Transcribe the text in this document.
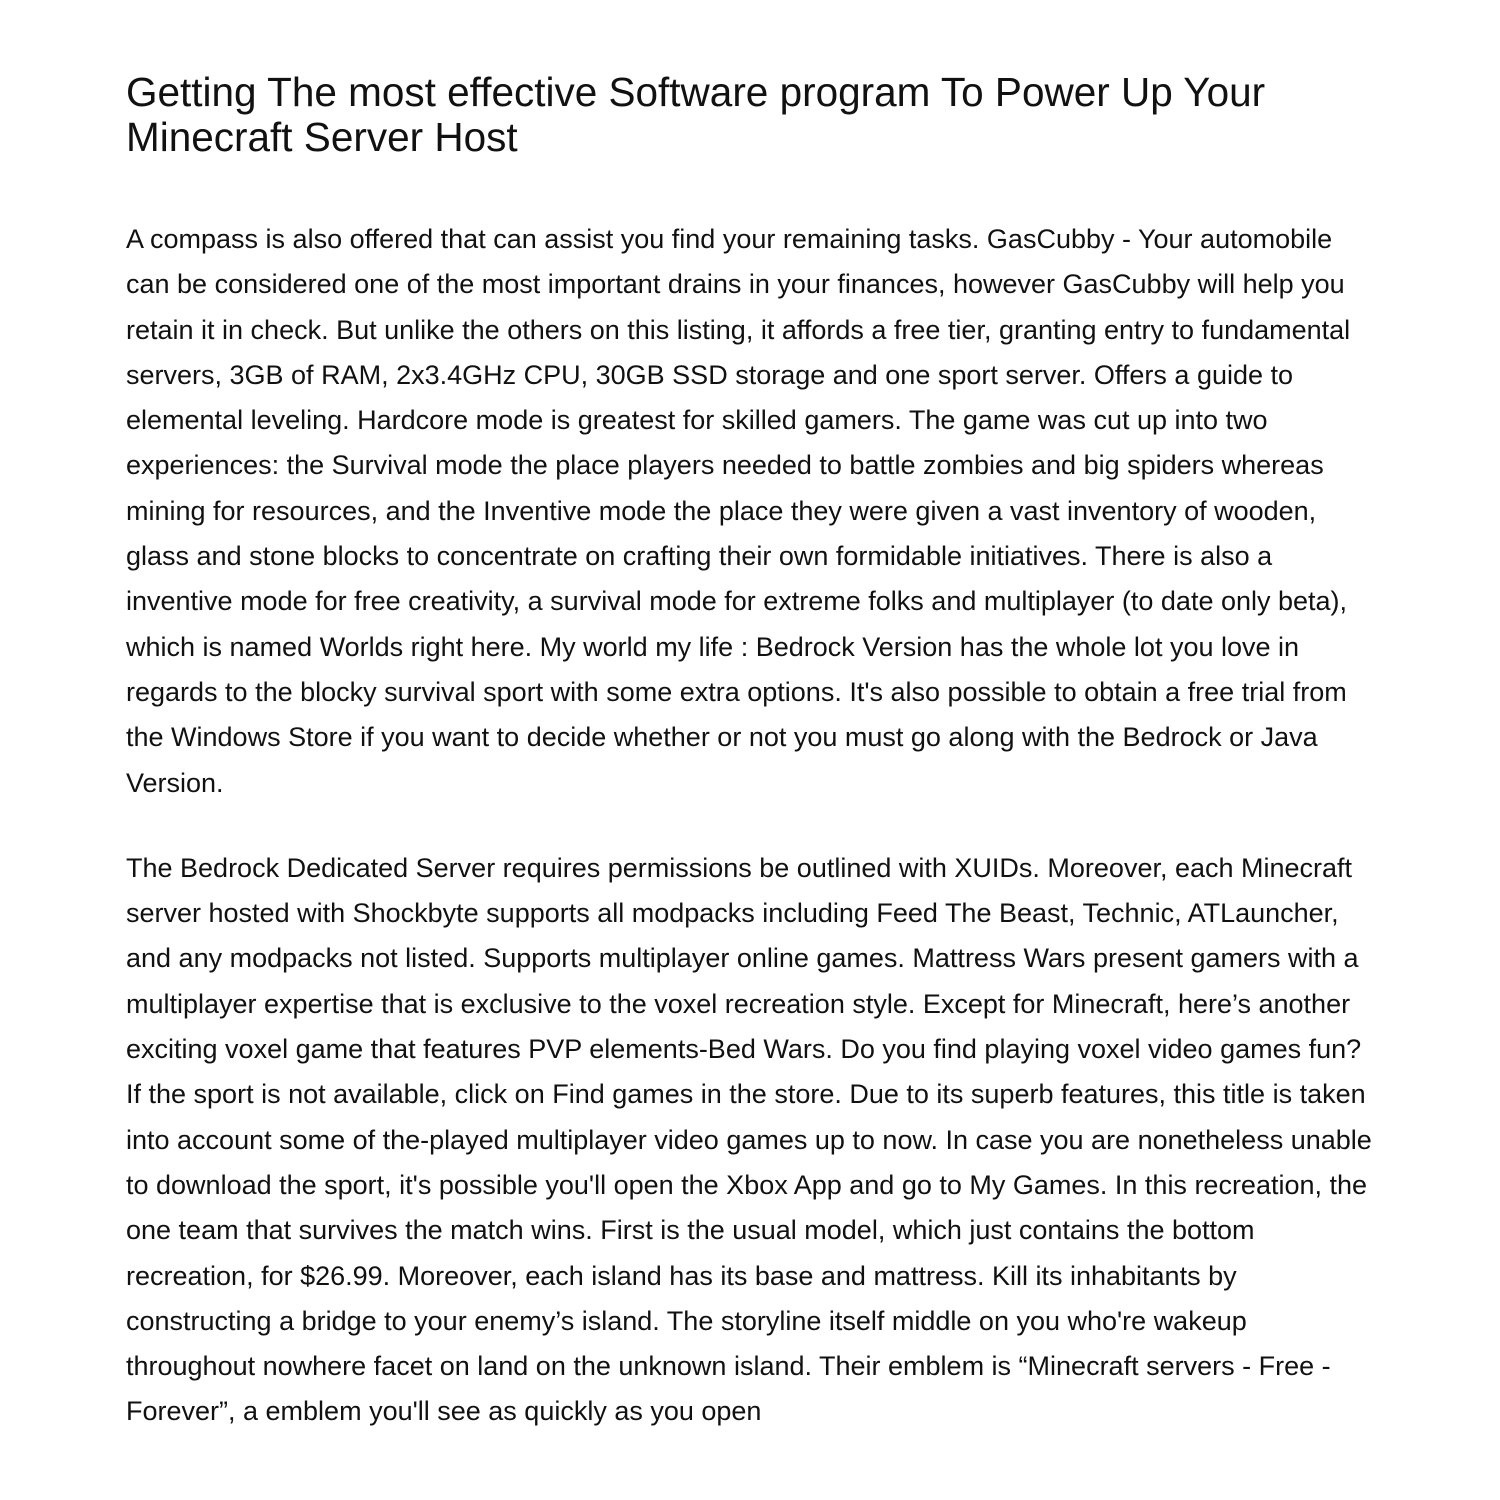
Getting The most effective Software program To Power Up Your Minecraft Server Host

A compass is also offered that can assist you find your remaining tasks. GasCubby - Your automobile can be considered one of the most important drains in your finances, however GasCubby will help you retain it in check. But unlike the others on this listing, it affords a free tier, granting entry to fundamental servers, 3GB of RAM, 2x3.4GHz CPU, 30GB SSD storage and one sport server. Offers a guide to elemental leveling. Hardcore mode is greatest for skilled gamers. The game was cut up into two experiences: the Survival mode the place players needed to battle zombies and big spiders whereas mining for resources, and the Inventive mode the place they were given a vast inventory of wooden, glass and stone blocks to concentrate on crafting their own formidable initiatives. There is also a inventive mode for free creativity, a survival mode for extreme folks and multiplayer (to date only beta), which is named Worlds right here. My world my life : Bedrock Version has the whole lot you love in regards to the blocky survival sport with some extra options. It's also possible to obtain a free trial from the Windows Store if you want to decide whether or not you must go along with the Bedrock or Java Version.

The Bedrock Dedicated Server requires permissions be outlined with XUIDs. Moreover, each Minecraft server hosted with Shockbyte supports all modpacks including Feed The Beast, Technic, ATLauncher, and any modpacks not listed. Supports multiplayer online games. Mattress Wars present gamers with a multiplayer expertise that is exclusive to the voxel recreation style. Except for Minecraft, here’s another exciting voxel game that features PVP elements-Bed Wars. Do you find playing voxel video games fun? If the sport is not available, click on Find games in the store. Due to its superb features, this title is taken into account some of the-played multiplayer video games up to now. In case you are nonetheless unable to download the sport, it's possible you'll open the Xbox App and go to My Games. In this recreation, the one team that survives the match wins. First is the usual model, which just contains the bottom recreation, for $26.99. Moreover, each island has its base and mattress. Kill its inhabitants by constructing a bridge to your enemy’s island. The storyline itself middle on you who're wakeup throughout nowhere facet on land on the unknown island. Their emblem is “Minecraft servers - Free - Forever”, a emblem you'll see as quickly as you open
